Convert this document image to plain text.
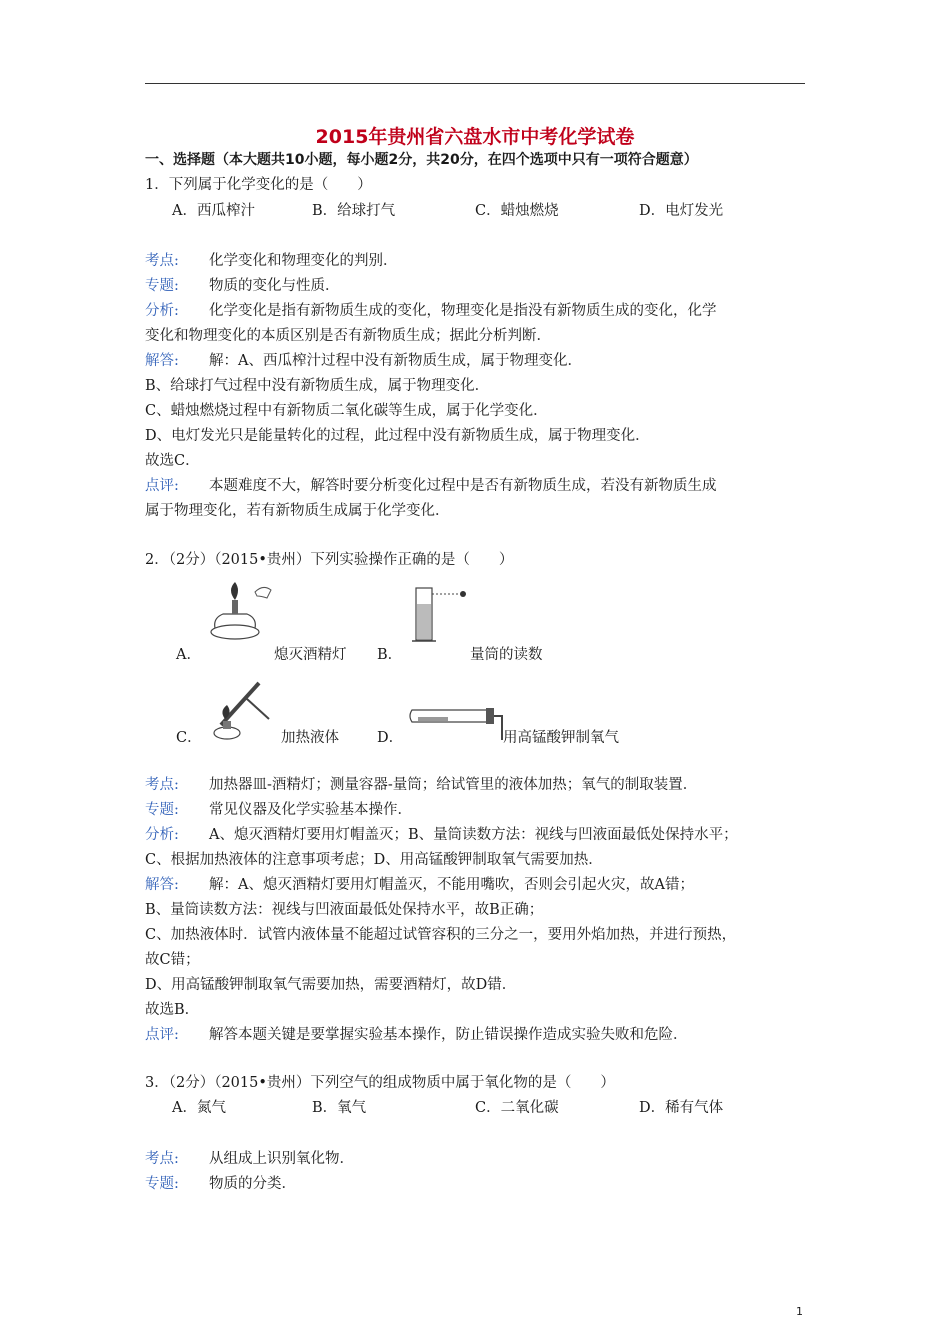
2015年贵州省六盘水市中考化学试卷
一、选择题（本大题共10小题，每小题2分，共20分，在四个选项中只有一项符合题意）
1．下列属于化学变化的是（　　）
A．西瓜榨汁	B．给球打气	C．蜡烛燃烧	D．电灯发光
考点: 化学变化和物理变化的判别．
专题: 物质的变化与性质．
分析: 化学变化是指有新物质生成的变化，物理变化是指没有新物质生成的变化，化学
变化和物理变化的本质区别是否有新物质生成；据此分析判断．
解答: 解：A、西瓜榨汁过程中没有新物质生成，属于物理变化．
B、给球打气过程中没有新物质生成，属于物理变化．
C、蜡烛燃烧过程中有新物质二氧化碳等生成，属于化学变化．
D、电灯发光只是能量转化的过程，此过程中没有新物质生成，属于物理变化．
故选C．
点评: 本题难度不大，解答时要分析变化过程中是否有新物质生成，若没有新物质生成
属于物理变化，若有新物质生成属于化学变化．
2．（2分）（2015•贵州）下列实验操作正确的是（　　）
A．	熄灭酒精灯 B．	量筒的读数
C．	加热液体	D．	用高锰酸钾制氧气
考点: 加热器皿-酒精灯；测量容器-量筒；给试管里的液体加热；氧气的制取装置．
专题: 常见仪器及化学实验基本操作．
分析: A、熄灭酒精灯要用灯帽盖灭；B、量筒读数方法：视线与凹液面最低处保持水平；
C、根据加热液体的注意事项考虑；D、用高锰酸钾制取氧气需要加热．
解答: 解：A、熄灭酒精灯要用灯帽盖灭，不能用嘴吹，否则会引起火灾，故A错；
B、量筒读数方法：视线与凹液面最低处保持水平，故B正确；
C、加热液体时．试管内液体量不能超过试管容积的三分之一，要用外焰加热，并进行预热，
故C错；
D、用高锰酸钾制取氧气需要加热，需要酒精灯，故D错．
故选B．
点评: 解答本题关键是要掌握实验基本操作，防止错误操作造成实验失败和危险．
3．（2分）（2015•贵州）下列空气的组成物质中属于氧化物的是（　　）
A．氮气	B．氧气	C．二氧化碳	D．稀有气体
考点: 从组成上识别氧化物．
专题: 物质的分类．
1
